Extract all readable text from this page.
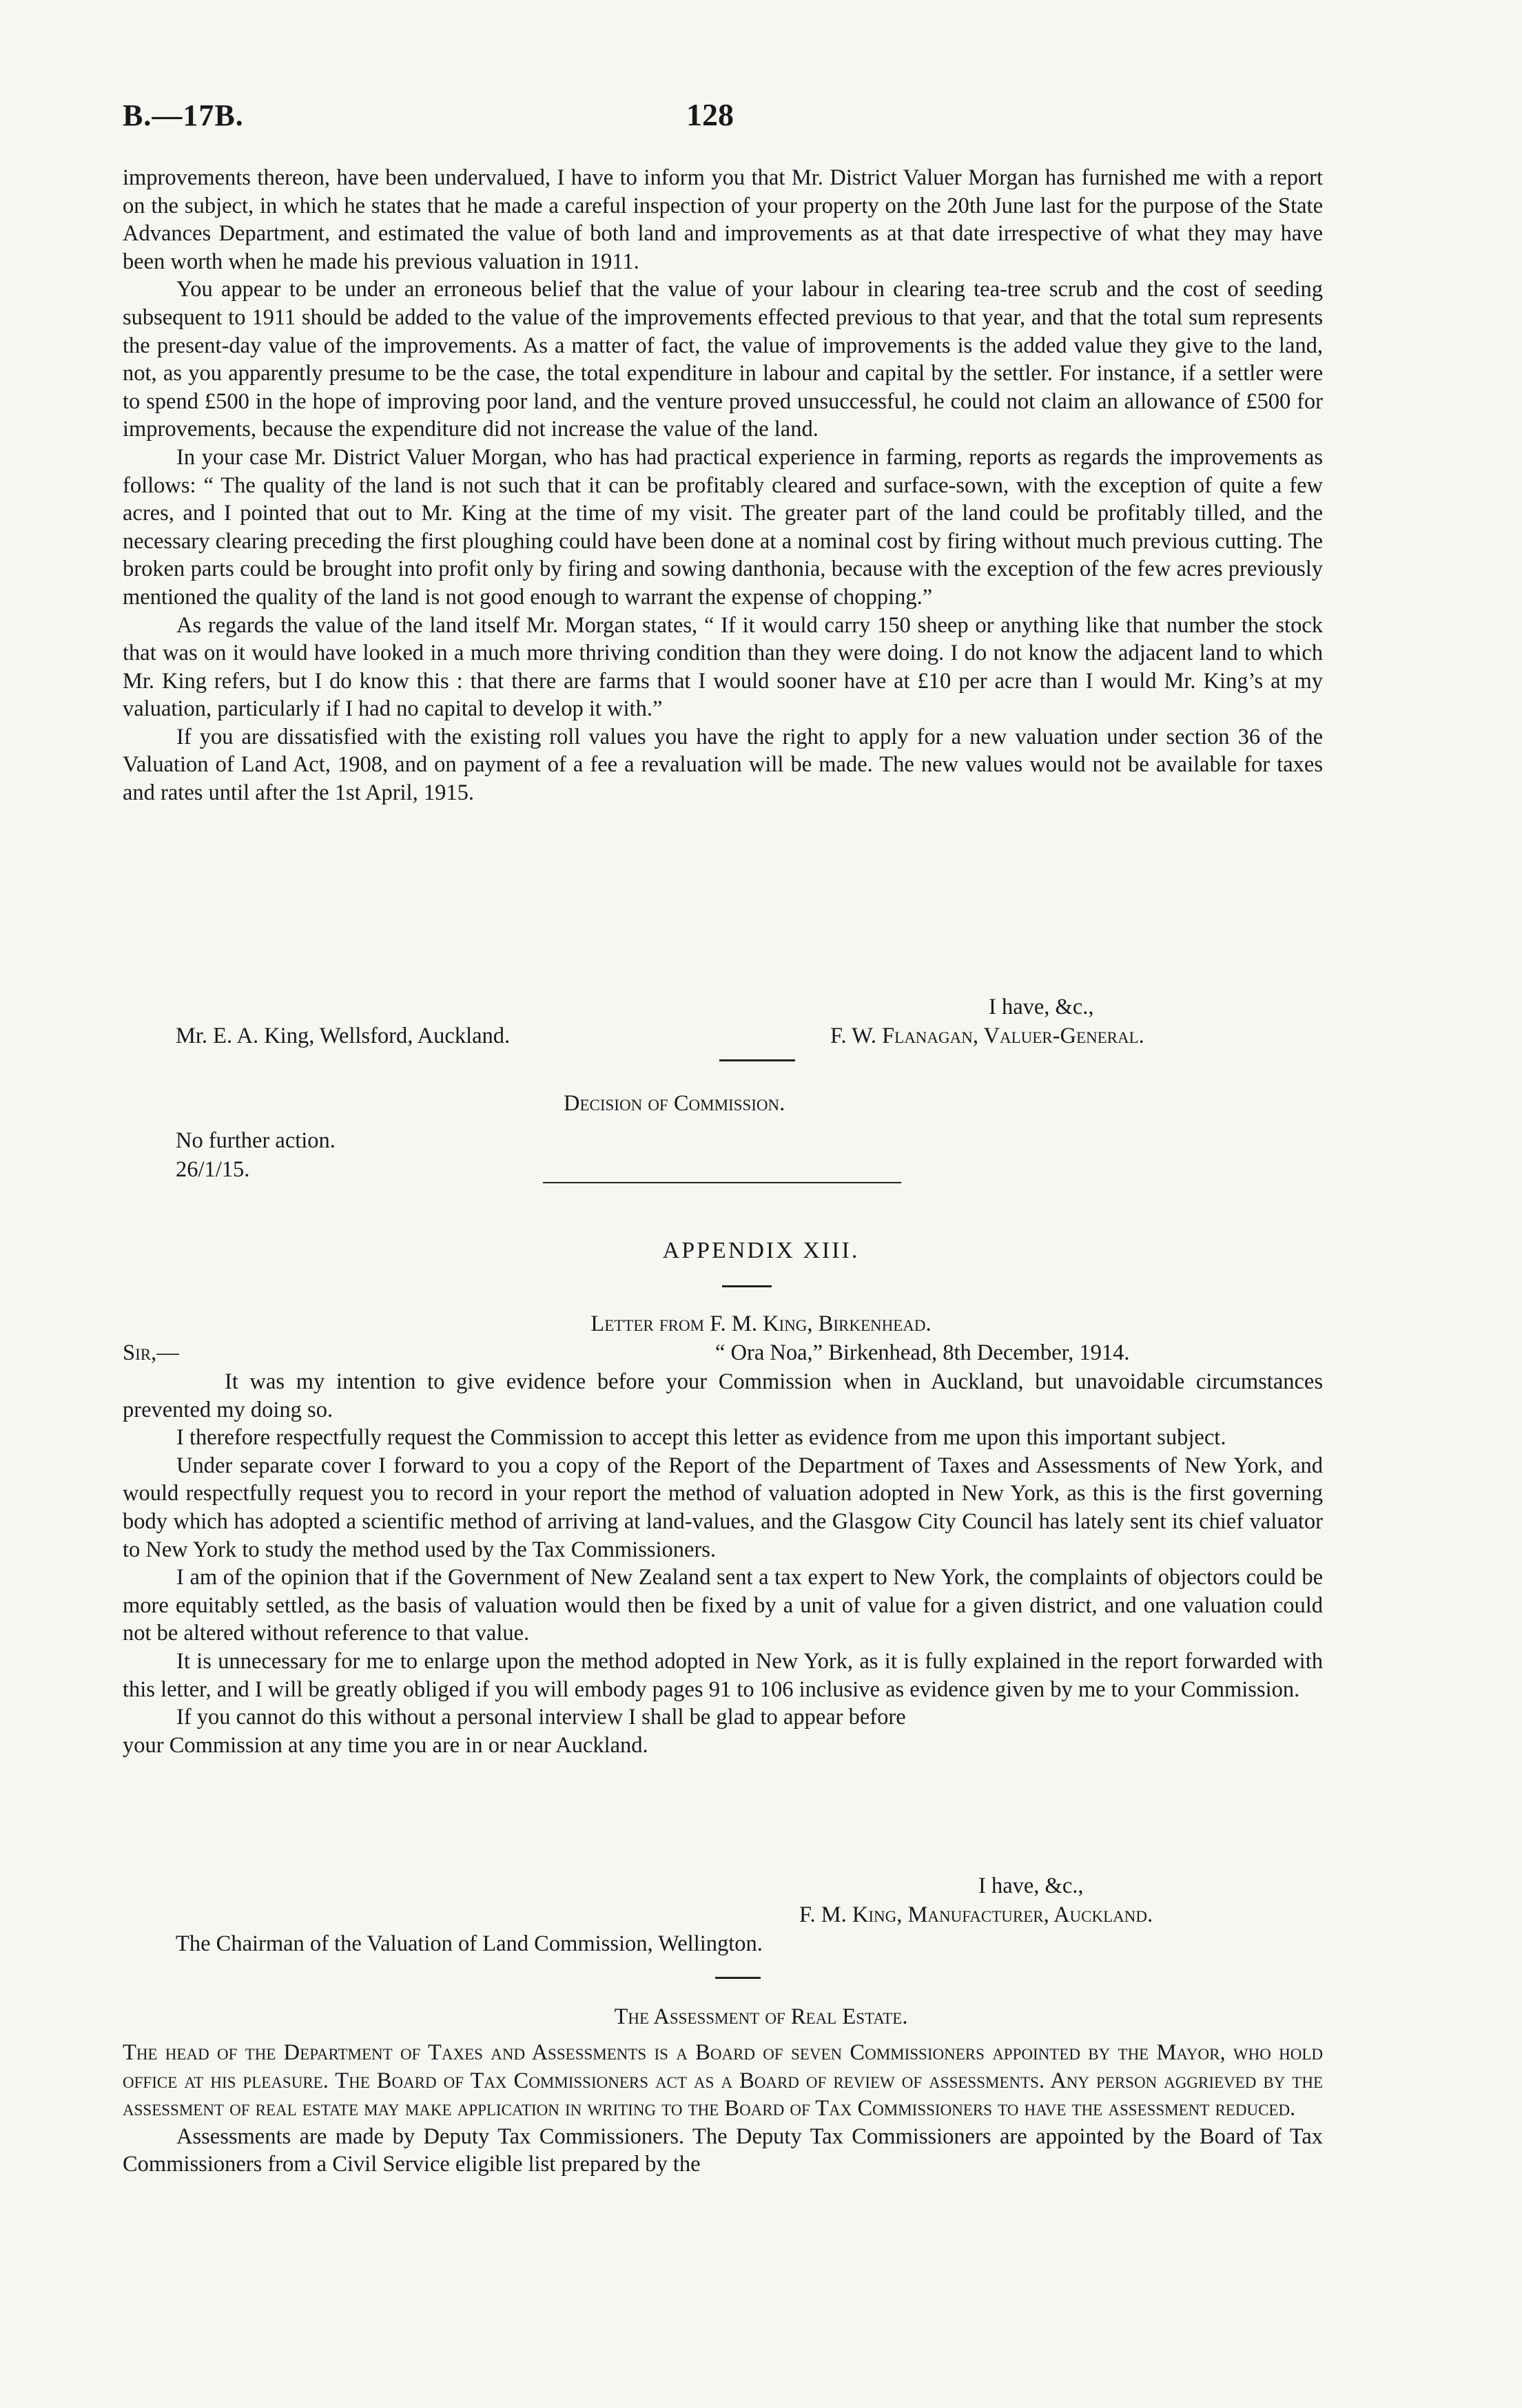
B.—17B.	128

improvements thereon, have been undervalued, I have to inform you that Mr. District Valuer Morgan has furnished me with a report on the subject, in which he states that he made a careful inspection of your property on the 20th June last for the purpose of the State Advances Department, and estimated the value of both land and improvements as at that date irrespective of what they may have been worth when he made his previous valuation in 1911.

You appear to be under an erroneous belief that the value of your labour in clearing tea-tree scrub and the cost of seeding subsequent to 1911 should be added to the value of the improvements effected previous to that year, and that the total sum represents the present-day value of the improvements. As a matter of fact, the value of improvements is the added value they give to the land, not, as you apparently presume to be the case, the total expenditure in labour and capital by the settler. For instance, if a settler were to spend £500 in the hope of improving poor land, and the venture proved unsuccessful, he could not claim an allowance of £500 for improvements, because the expenditure did not increase the value of the land.

In your case Mr. District Valuer Morgan, who has had practical experience in farming, reports as regards the improvements as follows: “ The quality of the land is not such that it can be profitably cleared and surface-sown, with the exception of quite a few acres, and I pointed that out to Mr. King at the time of my visit. The greater part of the land could be profitably tilled, and the necessary clearing preceding the first ploughing could have been done at a nominal cost by firing without much previous cutting. The broken parts could be brought into profit only by firing and sowing danthonia, because with the exception of the few acres previously mentioned the quality of the land is not good enough to warrant the expense of chopping.”

As regards the value of the land itself Mr. Morgan states, “ If it would carry 150 sheep or anything like that number the stock that was on it would have looked in a much more thriving condition than they were doing. I do not know the adjacent land to which Mr. King refers, but I do know this : that there are farms that I would sooner have at £10 per acre than I would Mr. King’s at my valuation, particularly if I had no capital to develop it with.”

If you are dissatisfied with the existing roll values you have the right to apply for a new valuation under section 36 of the Valuation of Land Act, 1908, and on payment of a fee a revaluation will be made. The new values would not be available for taxes and rates until after the 1st April, 1915.

I have, &c.,
Mr. E. A. King, Wellsford, Auckland.	F. W. Flanagan, Valuer-General.
Decision of Commission.
No further action.
26/1/15.
APPENDIX XIII.
Letter from F. M. King, Birkenhead.
Sir,—	“ Ora Noa,” Birkenhead, 8th December, 1914.

It was my intention to give evidence before your Commission when in Auckland, but unavoidable circumstances prevented my doing so.

I therefore respectfully request the Commission to accept this letter as evidence from me upon this important subject.

Under separate cover I forward to you a copy of the Report of the Department of Taxes and Assessments of New York, and would respectfully request you to record in your report the method of valuation adopted in New York, as this is the first governing body which has adopted a scientific method of arriving at land-values, and the Glasgow City Council has lately sent its chief valuator to New York to study the method used by the Tax Commissioners.

I am of the opinion that if the Government of New Zealand sent a tax expert to New York, the complaints of objectors could be more equitably settled, as the basis of valuation would then be fixed by a unit of value for a given district, and one valuation could not be altered without reference to that value.

It is unnecessary for me to enlarge upon the method adopted in New York, as it is fully explained in the report forwarded with this letter, and I will be greatly obliged if you will embody pages 91 to 106 inclusive as evidence given by me to your Commission.

If you cannot do this without a personal interview I shall be glad to appear before your Commission at any time you are in or near Auckland.

I have, &c.,
F. M. King, Manufacturer, Auckland.
The Chairman of the Valuation of Land Commission, Wellington.
The Assessment of Real Estate.

The head of the Department of Taxes and Assessments is a Board of seven Commissioners appointed by the Mayor, who hold office at his pleasure. The Board of Tax Commissioners act as a Board of review of assessments. Any person aggrieved by the assessment of real estate may make application in writing to the Board of Tax Commissioners to have the assessment reduced.

Assessments are made by Deputy Tax Commissioners. The Deputy Tax Commissioners are appointed by the Board of Tax Commissioners from a Civil Service eligible list prepared by the
